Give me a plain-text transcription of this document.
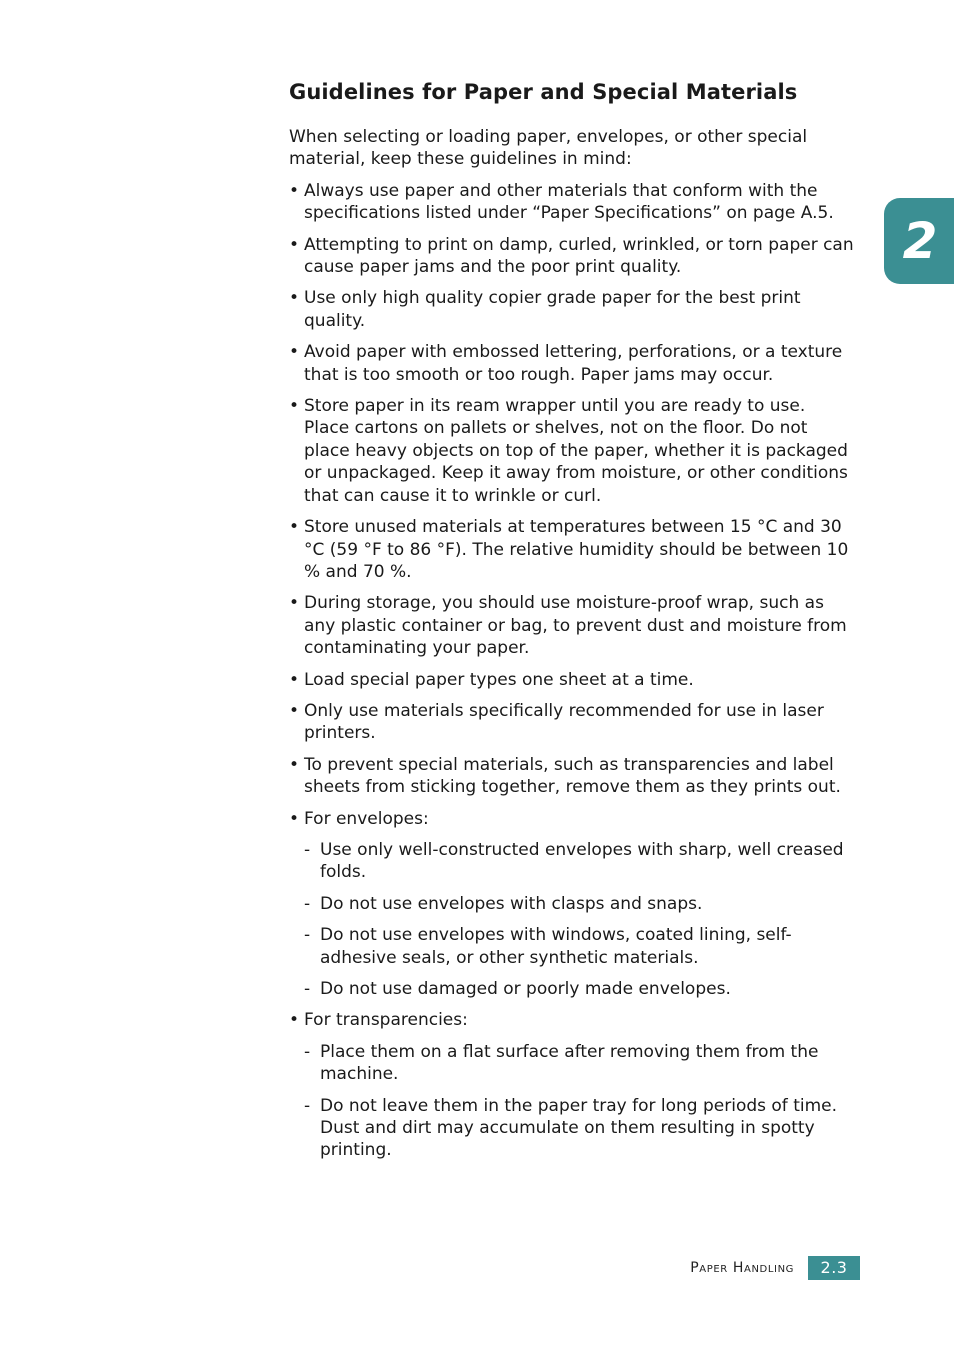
Guidelines for Paper and Special Materials

When selecting or loading paper, envelopes, or other special material, keep these guidelines in mind:

• Always use paper and other materials that conform with the specifications listed under “Paper Specifications” on page A.5.
• Attempting to print on damp, curled, wrinkled, or torn paper can cause paper jams and the poor print quality.
• Use only high quality copier grade paper for the best print quality.
• Avoid paper with embossed lettering, perforations, or a texture that is too smooth or too rough. Paper jams may occur.
• Store paper in its ream wrapper until you are ready to use. Place cartons on pallets or shelves, not on the floor. Do not place heavy objects on top of the paper, whether it is packaged or unpackaged. Keep it away from moisture, or other conditions that can cause it to wrinkle or curl.
• Store unused materials at temperatures between 15 °C and 30 °C (59 °F to 86 °F). The relative humidity should be between 10 % and 70 %.
• During storage, you should use moisture-proof wrap, such as any plastic container or bag, to prevent dust and moisture from contaminating your paper.
• Load special paper types one sheet at a time.
• Only use materials specifically recommended for use in laser printers.
• To prevent special materials, such as transparencies and label sheets from sticking together, remove them as they prints out.
• For envelopes:
- Use only well-constructed envelopes with sharp, well creased folds.
- Do not use envelopes with clasps and snaps.
- Do not use envelopes with windows, coated lining, self-adhesive seals, or other synthetic materials.
- Do not use damaged or poorly made envelopes.
• For transparencies:
- Place them on a flat surface after removing them from the machine.
- Do not leave them in the paper tray for long periods of time. Dust and dirt may accumulate on them resulting in spotty printing.
2
Paper Handling	2.3
